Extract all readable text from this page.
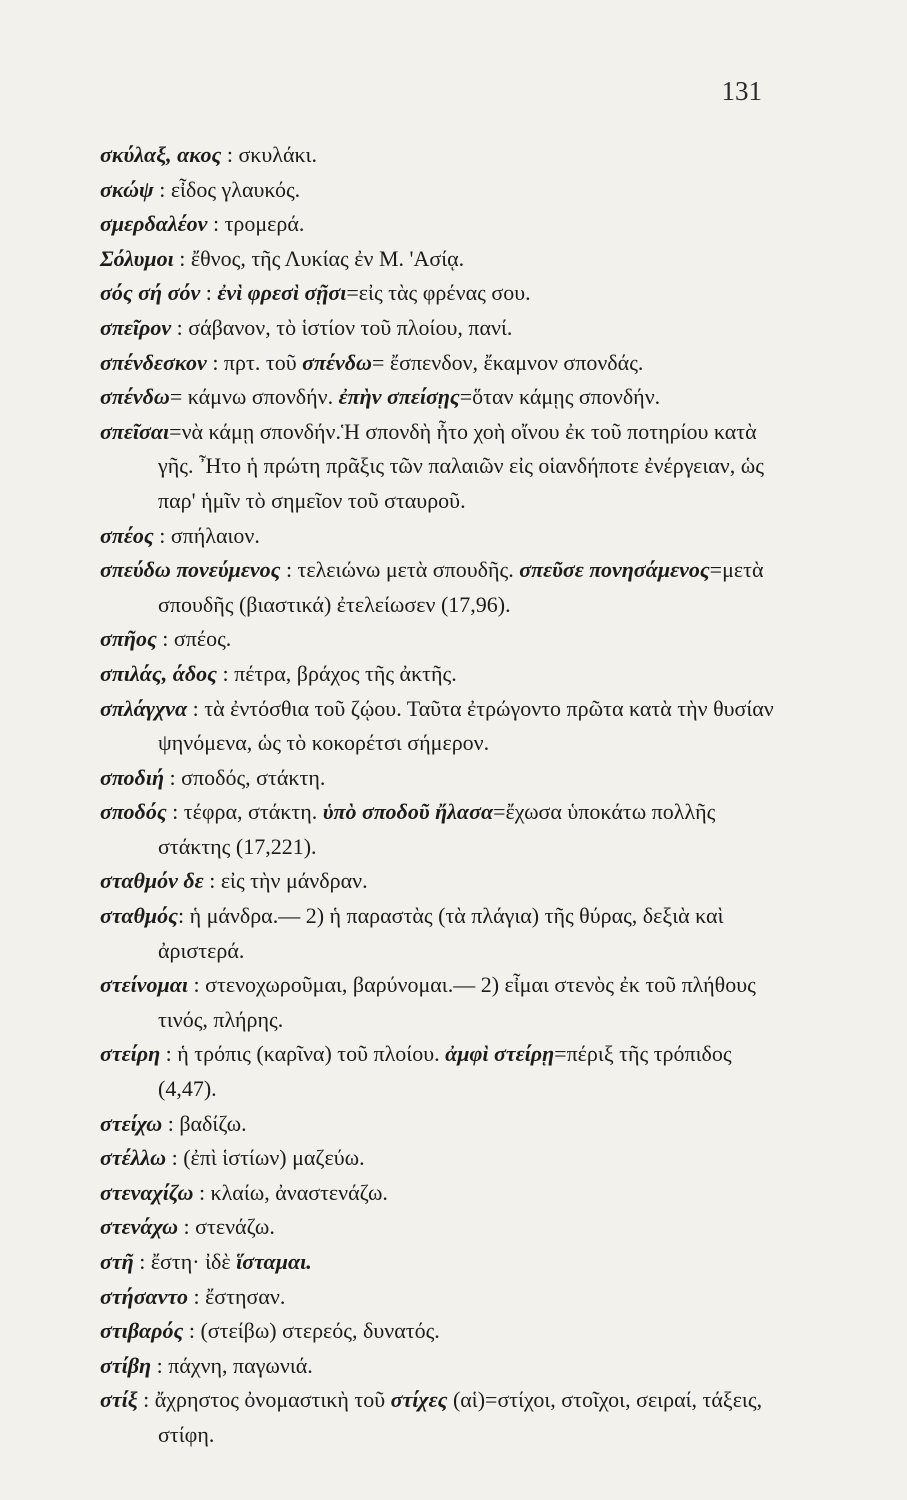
131
σκύλαξ, ακος : σκυλάκι.
σκώψ : εἶδος γλαυκός.
σμερδαλέον : τρομερά.
Σόλυμοι : ἔθνος, τῆς Λυκίας ἐν Μ. 'Ασίᾳ.
σός σή σόν : ἐνὶ φρεσὶ σῇσι=εἰς τὰς φρένας σου.
σπεῖρον : σάβανον, τὸ ἱστίον τοῦ πλοίου, πανί.
σπένδεσκον : πρτ. τοῦ σπένδω= ἔσπενδον, ἔκαμνον σπονδάς.
σπένδω= κάμνω σπονδήν. ἐπὴν σπείσῃς=ὅταν κάμῃς σπονδήν.
σπεῖσαι=νὰ κάμῃ σπονδήν.Ἡ σπονδὴ ἦτο χοὴ οἴνου ἐκ τοῦ ποτηρίου κατὰ γῆς. Ἦτο ἡ πρώτη πρᾶξις τῶν παλαιῶν εἰς οἱανδήποτε ἐνέργειαν, ὡς παρ' ἡμῖν τὸ σημεῖον τοῦ σταυροῦ.
σπέος : σπήλαιον.
σπεύδω πονεύμενος : τελειώνω μετὰ σπουδῆς. σπεῦσε πονησάμενος=μετὰ σπουδῆς (βιαστικά) ἐτελείωσεν (17,96).
σπῆος : σπέος.
σπιλάς, άδος : πέτρα, βράχος τῆς ἀκτῆς.
σπλάγχνα : τὰ ἐντόσθια τοῦ ζῴου. Ταῦτα ἐτρώγοντο πρῶτα κατὰ τὴν θυσίαν ψηνόμενα, ὡς τὸ κοκορέτσι σήμερον.
σποδιή : σποδός, στάκτη.
σποδός : τέφρα, στάκτη. ὑπὸ σποδοῦ ἤλασα=ἔχωσα ὑποκάτω πολλῆς στάκτης (17,221).
σταθμόν δε : εἰς τὴν μάνδραν.
σταθμός: ἡ μάνδρα.— 2) ἡ παραστὰς (τὰ πλάγια) τῆς θύρας, δεξιὰ καὶ ἀριστερά.
στείνομαι : στενοχωροῦμαι, βαρύνομαι.— 2) εἶμαι στενὸς ἐκ τοῦ πλήθους τινός, πλήρης.
στείρη : ἡ τρόπις (καρῖνα) τοῦ πλοίου. ἀμφὶ στείρῃ=πέριξ τῆς τρόπιδος (4,47).
στείχω : βαδίζω.
στέλλω : (ἐπὶ ἱστίων) μαζεύω.
στεναχίζω : κλαίω, ἀναστενάζω.
στενάχω : στενάζω.
στῆ : ἔστη· ἰδὲ ἵσταμαι.
στήσαντο : ἔστησαν.
στιβαρός : (στείβω) στερεός, δυνατός.
στίβη : πάχνη, παγωνιά.
στίξ : ἄχρηστος ὀνομαστικὴ τοῦ στίχες (αἱ)=στίχοι, στοῖχοι, σειραί, τάξεις, στίφη.
